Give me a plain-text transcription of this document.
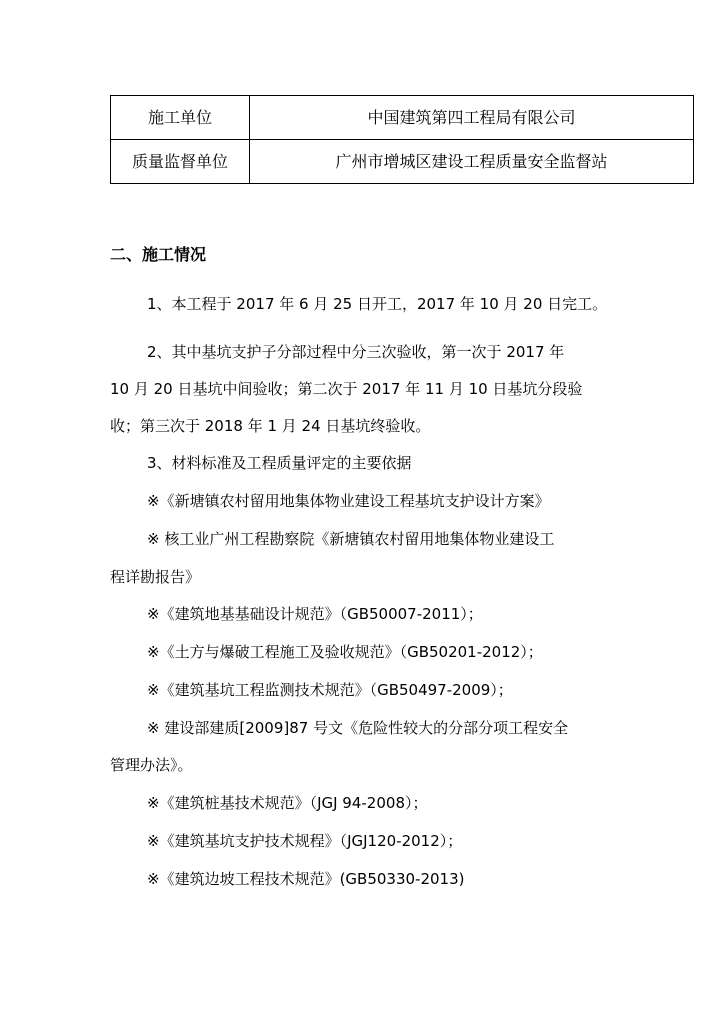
施工单位	中国建筑第四工程局有限公司
质量监督单位	广州市增城区建设工程质量安全监督站
二、施工情况
1、本工程于 2017 年 6 月 25 日开工，2017 年 10 月 20 日完工。
2、其中基坑支护子分部过程中分三次验收，第一次于 2017 年
10 月 20 日基坑中间验收；第二次于 2017 年 11 月 10 日基坑分段验
收；第三次于 2018 年 1 月 24 日基坑终验收。
3、材料标准及工程质量评定的主要依据
※《新塘镇农村留用地集体物业建设工程基坑支护设计方案》
※ 核工业广州工程勘察院《新塘镇农村留用地集体物业建设工
程详勘报告》
※《建筑地基基础设计规范》（GB50007-2011）；
※《土方与爆破工程施工及验收规范》（GB50201-2012）；
※《建筑基坑工程监测技术规范》（GB50497-2009）；
※ 建设部建质[2009]87 号文《危险性较大的分部分项工程安全
管理办法》。
※《建筑桩基技术规范》（JGJ 94-2008）；
※《建筑基坑支护技术规程》（JGJ120-2012）；
※《建筑边坡工程技术规范》(GB50330-2013)
